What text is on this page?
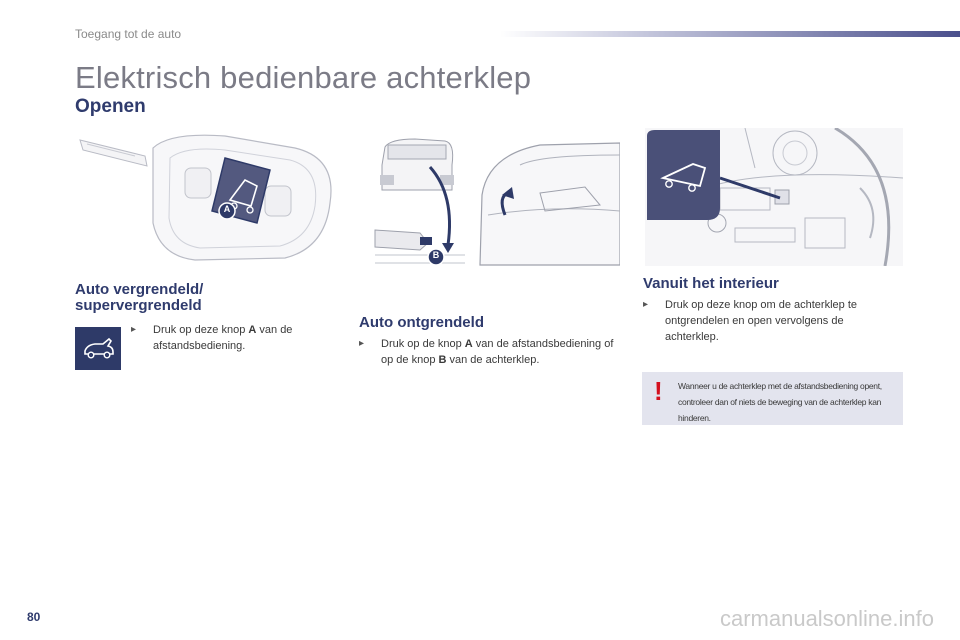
Toegang tot de auto
Elektrisch bedienbare achterklep
Openen
A
B
Auto vergrendeld/
supervergrendeld
▸	Druk op deze knop A van de afstandsbediening.
Auto ontgrendeld
▸	Druk op de knop A van de afstandsbediening of op de knop B van de achterklep.
Vanuit het interieur
▸	Druk op deze knop om de achterklep te ontgrendelen en open vervolgens de achterklep.
! Wanneer u de achterklep met de afstandsbediening opent, controleer dan of niets de beweging van de achterklep kan hinderen.
80	carmanualsonline.info
